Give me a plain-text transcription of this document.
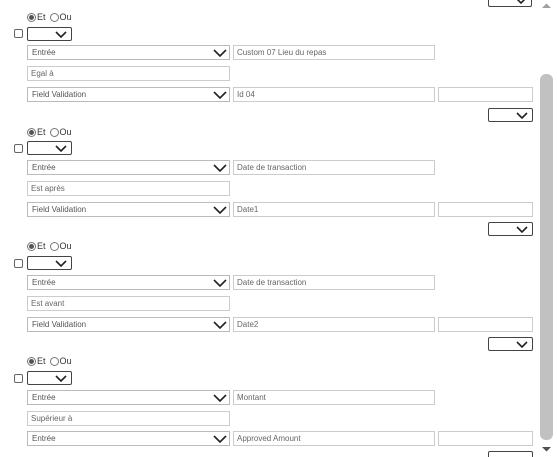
Et Ou
Entrée	Custom 07 Lieu du repas
Egal à
Field Validation	Id 04
Et Ou
Entrée	Date de transaction
Est après
Field Validation	Date1
Et Ou
Entrée	Date de transaction
Est avant
Field Validation	Date2
Et Ou
Entrée	Montant
Supérieur à
Entrée	Approved Amount
